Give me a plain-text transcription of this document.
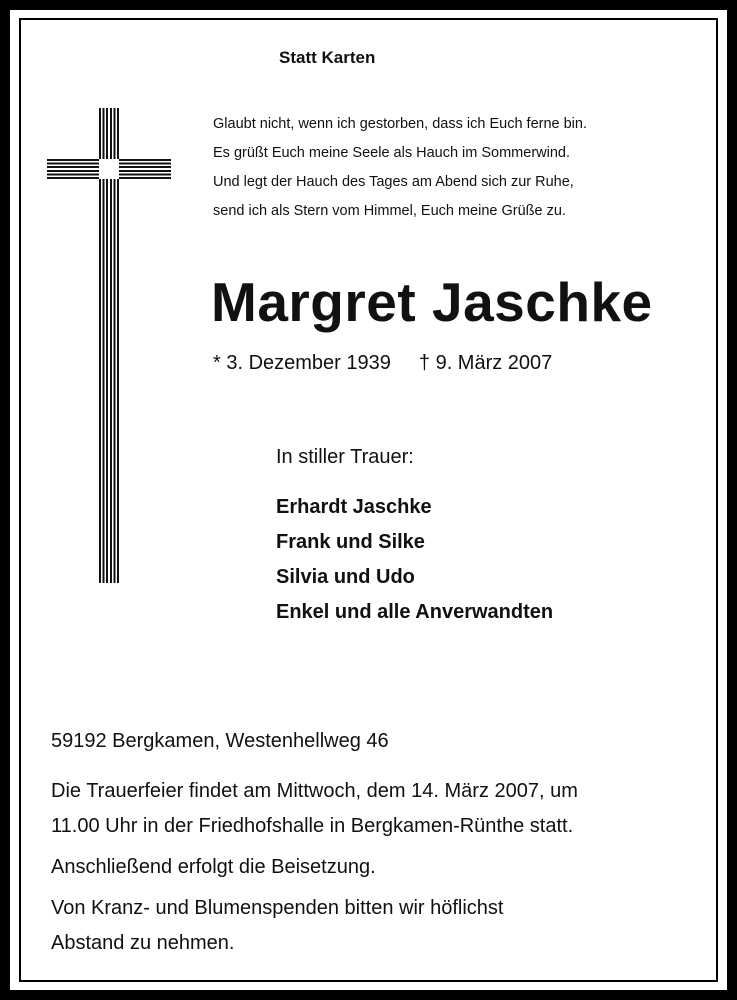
Statt Karten
Glaubt nicht, wenn ich gestorben, dass ich Euch ferne bin.
Es grüßt Euch meine Seele als Hauch im Sommerwind.
Und legt der Hauch des Tages am Abend sich zur Ruhe,
send ich als Stern vom Himmel, Euch meine Grüße zu.
Margret Jaschke
* 3. Dezember 1939 † 9. März 2007
In stiller Trauer:
Erhardt Jaschke
Frank und Silke
Silvia und Udo
Enkel und alle Anverwandten
59192 Bergkamen, Westenhellweg 46

Die Trauerfeier findet am Mittwoch, dem 14. März 2007, um
11.00 Uhr in der Friedhofshalle in Bergkamen-Rünthe statt.

Anschließend erfolgt die Beisetzung.

Von Kranz- und Blumenspenden bitten wir höflichst
Abstand zu nehmen.
